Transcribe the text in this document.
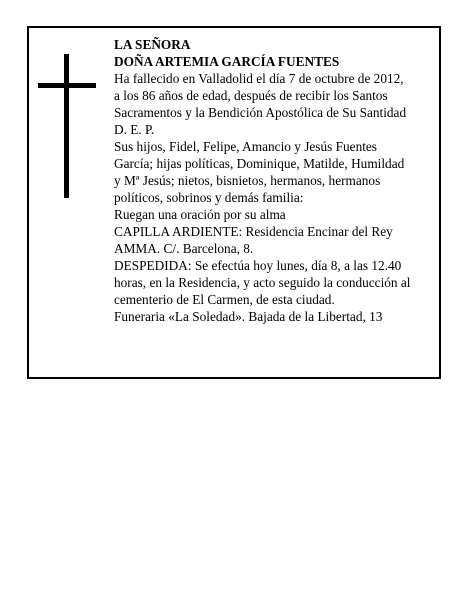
LA SEÑORA
DOÑA ARTEMIA GARCÍA FUENTES
Ha fallecido en Valladolid el día 7 de octubre de 2012,
a los 86 años de edad, después de recibir los Santos
Sacramentos y la Bendición Apostólica de Su Santidad
D. E. P.
Sus hijos, Fidel, Felipe, Amancio y Jesús Fuentes
García; hijas políticas, Dominique, Matilde, Humildad
y Mª Jesús; nietos, bisnietos, hermanos, hermanos
políticos, sobrinos y demás familia:
Ruegan una oración por su alma
CAPILLA ARDIENTE: Residencia Encinar del Rey
AMMA. C/. Barcelona, 8.
DESPEDIDA: Se efectúa hoy lunes, día 8, a las 12.40
horas, en la Residencia, y acto seguido la conducción al
cementerio de El Carmen, de esta ciudad.
Funeraria «La Soledad». Bajada de la Libertad, 13
